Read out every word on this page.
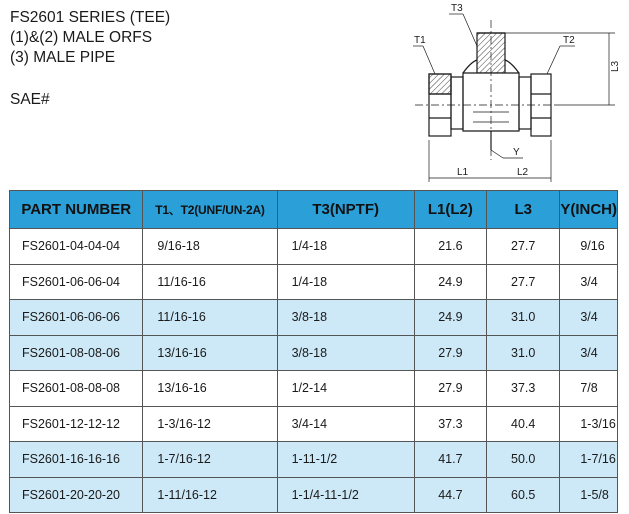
FS2601 SERIES (TEE)
(1)&(2) MALE ORFS
(3) MALE PIPE
SAE#
T3
T1	T2
L3
Y
L1	L2
PART NUMBER	T1、T2(UNF/UN-2A)	T3(NPTF)	L1(L2)	L3	Y(INCH)
FS2601-04-04-04	9/16-18	1/4-18	21.6	27.7	9/16
FS2601-06-06-04	11/16-16	1/4-18	24.9	27.7	3/4
FS2601-06-06-06	11/16-16	3/8-18	24.9	31.0	3/4
FS2601-08-08-06	13/16-16	3/8-18	27.9	31.0	3/4
FS2601-08-08-08	13/16-16	1/2-14	27.9	37.3	7/8
FS2601-12-12-12	1-3/16-12	3/4-14	37.3	40.4	1-3/16
FS2601-16-16-16	1-7/16-12	1-11-1/2	41.7	50.0	1-7/16
FS2601-20-20-20	1-11/16-12	1-1/4-11-1/2	44.7	60.5	1-5/8
